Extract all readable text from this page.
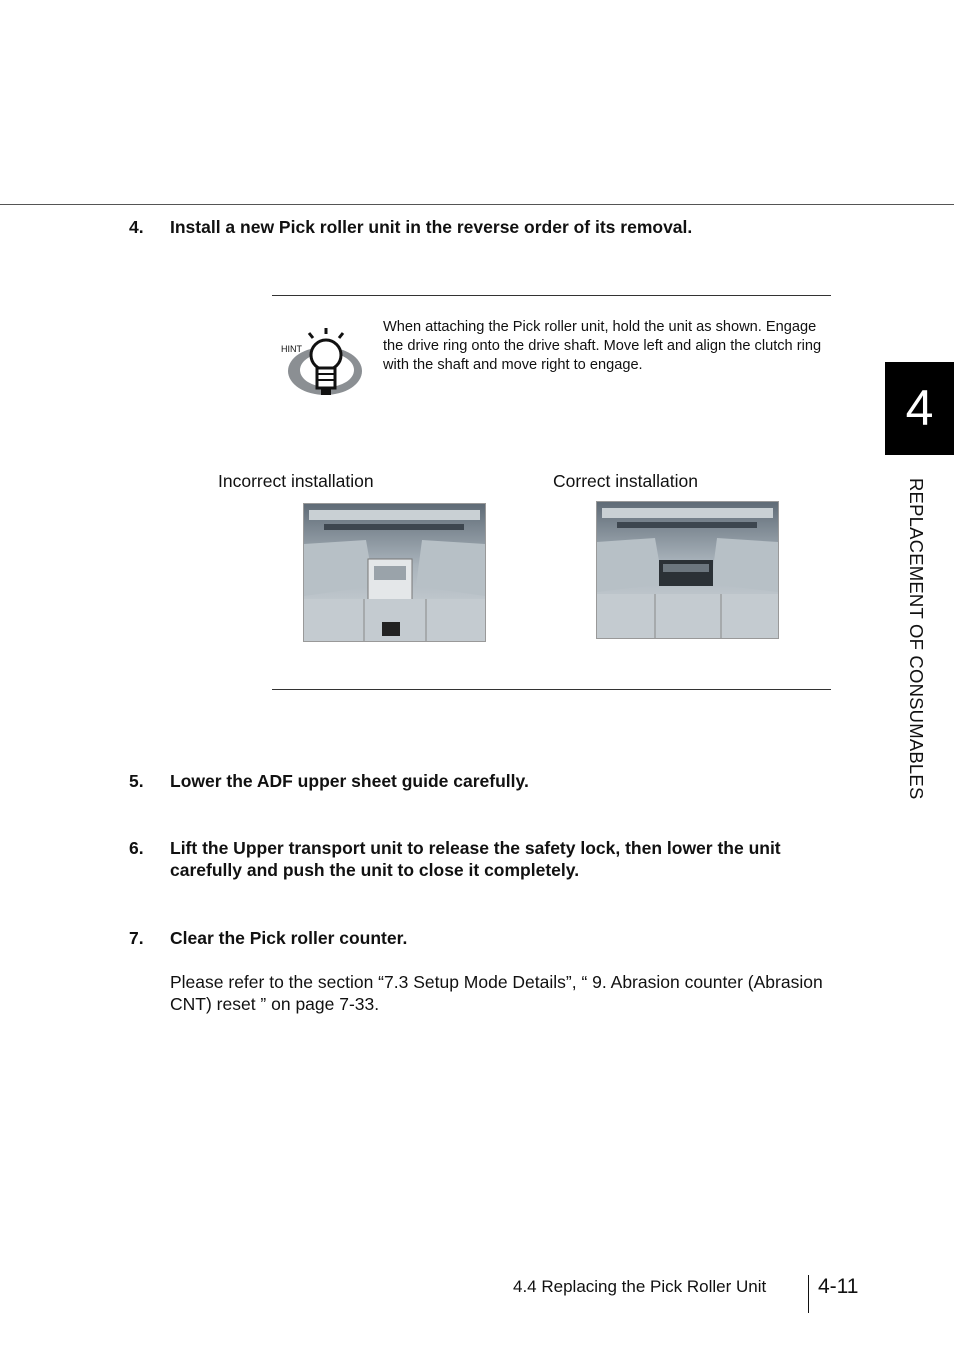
4. Install a new Pick roller unit in the reverse order of its removal.
HINT
When attaching the Pick roller unit, hold the unit as shown. Engage the drive ring onto the drive shaft. Move left and align the clutch ring with the shaft and move right to engage.
Incorrect installation	Correct installation
5. Lower the ADF upper sheet guide carefully.
6. Lift the Upper transport unit to release the safety lock, then lower the unit carefully and push the unit to close it completely.
7. Clear the Pick roller counter.
Please refer to the section “7.3 Setup Mode Details”, “ 9. Abrasion counter (Abrasion CNT) reset ” on page 7-33.
4
REPLACEMENT OF CONSUMABLES
4.4 Replacing the Pick Roller Unit 4-11
